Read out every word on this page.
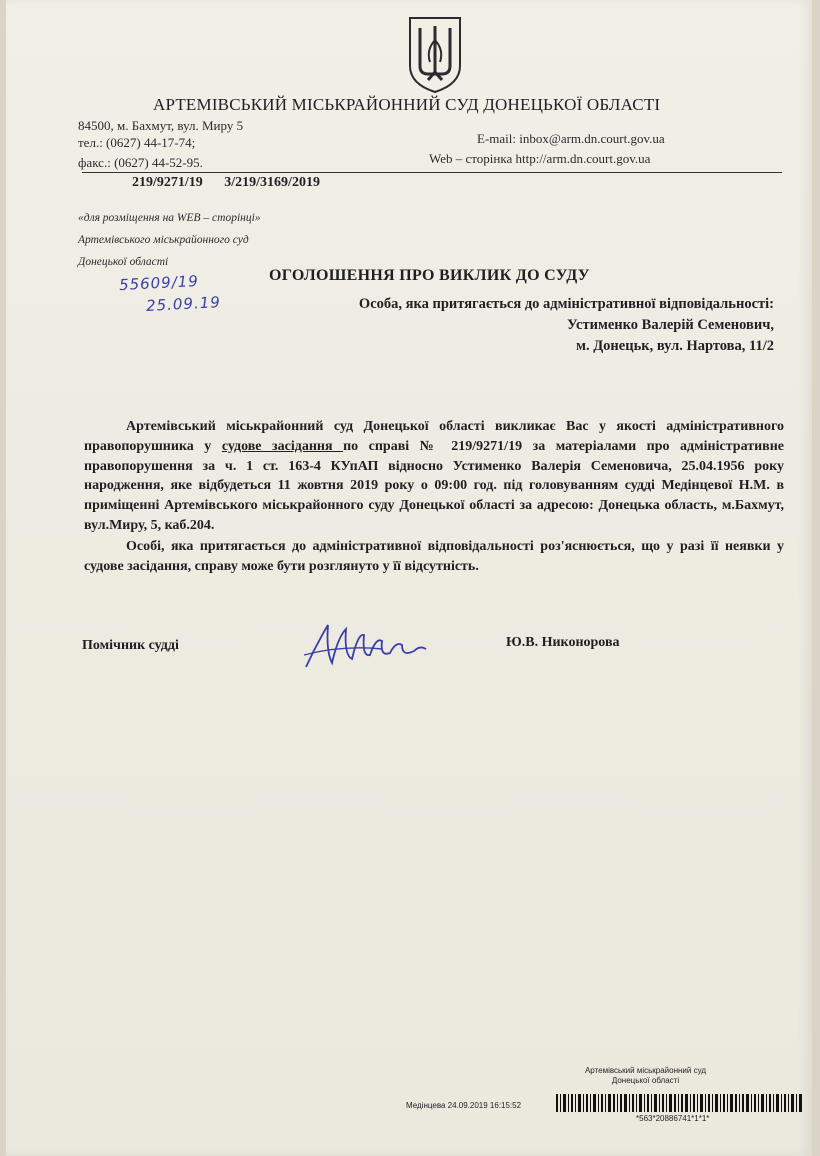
АРТЕМІВСЬКИЙ МІСЬКРАЙОННИЙ СУД ДОНЕЦЬКОЇ ОБЛАСТІ
84500, м. Бахмут, вул. Миру 5
тел.: (0627) 44-17-74;
факс.: (0627) 44-52-95.
E-mail: inbox@arm.dn.court.gov.ua
Web – сторінка http://arm.dn.court.gov.ua
219/9271/19 3/219/3169/2019
«для розміщення на WEB – сторінці»
Артемівського міськрайонного суд
Донецької області
55609/19
25.09.19
ОГОЛОШЕННЯ ПРО ВИКЛИК ДО СУДУ
Особа, яка притягається до адміністративної відповідальності:
Устименко Валерій Семенович,
м. Донецьк, вул. Нартова, 11/2

Артемівський міськрайонний суд Донецької області викликає Вас у якості адміністративного правопорушника у судове засідання по справі № 219/9271/19 за матеріалами про адміністративне правопорушення за ч. 1 ст. 163-4 КУпАП відносно Устименко Валерія Семеновича, 25.04.1956 року народження, яке відбудеться 11 жовтня 2019 року о 09:00 год. під головуванням судді Медінцевої Н.М. в приміщенні Артемівського міськрайонного суду Донецької області за адресою: Донецька область, м.Бахмут, вул.Миру, 5, каб.204.

Особі, яка притягається до адміністративної відповідальності роз'яснюється, що у разі її неявки у судове засідання, справу може бути розглянуто у її відсутність.

Помічник судді	Ю.В. Никонорова
Артемівський міськрайонний суд
Донецької області
Медінцева 24.09.2019 16:15:52
*563*20886741*1*1*
